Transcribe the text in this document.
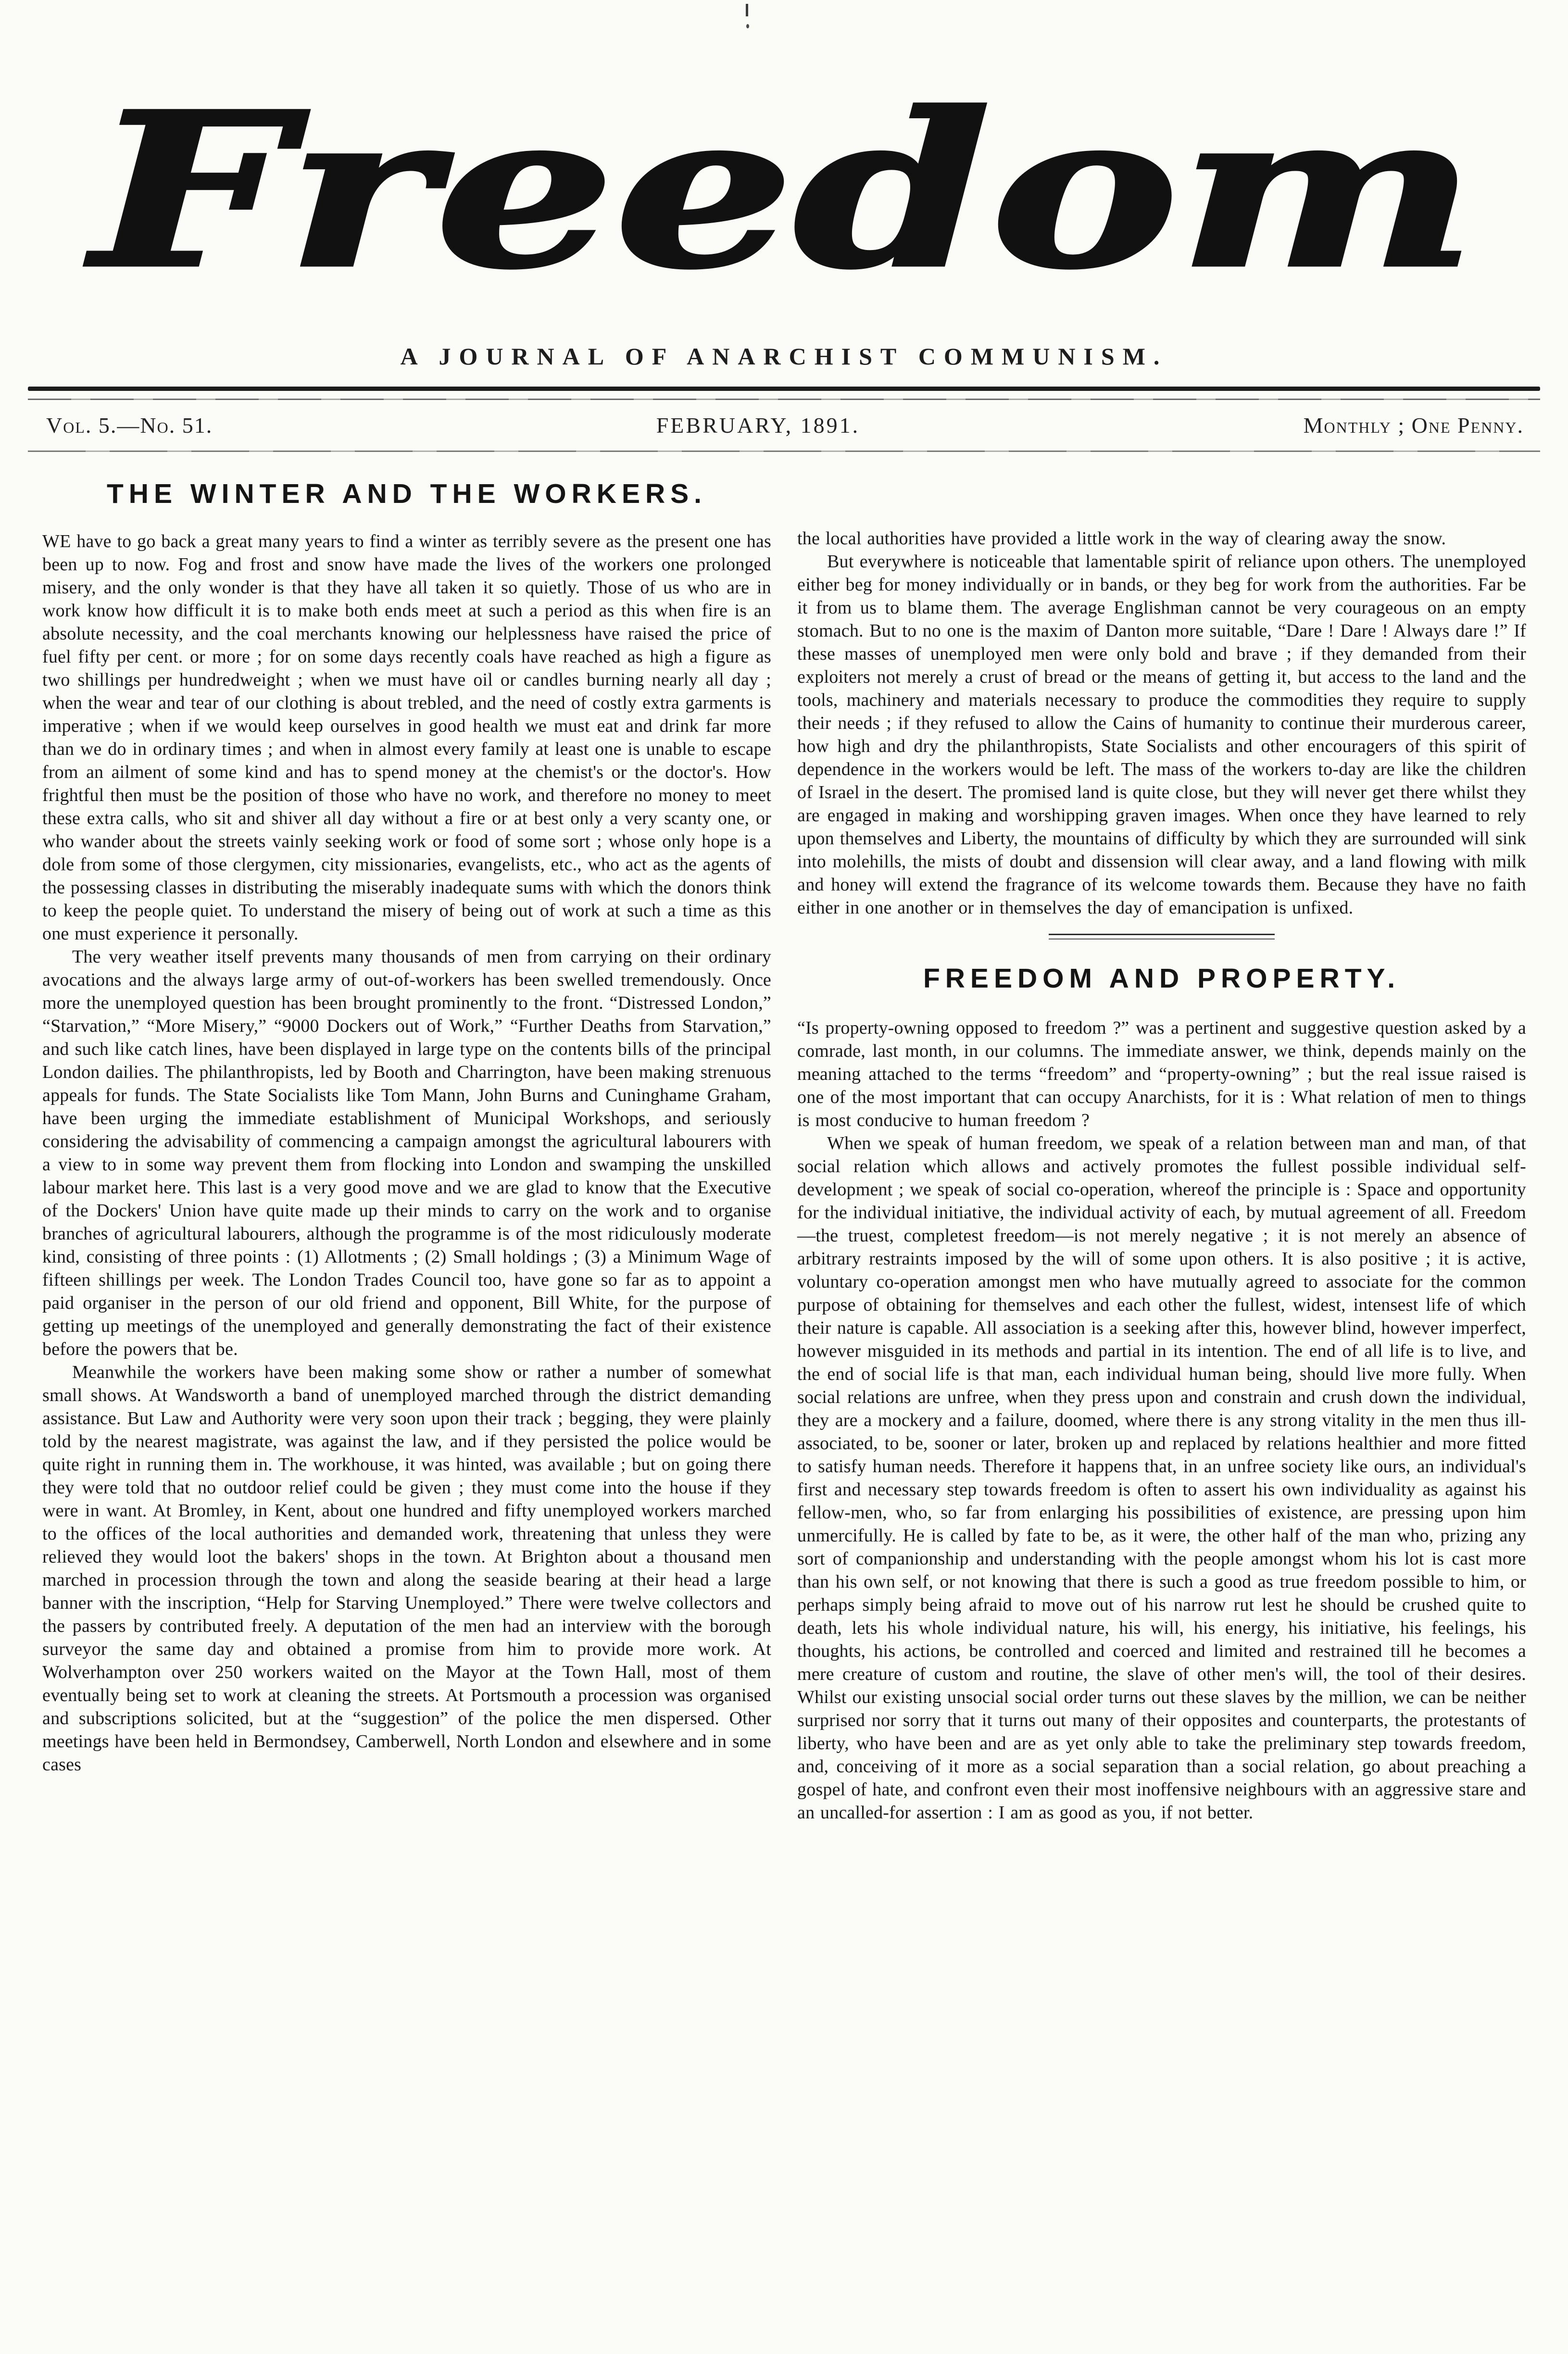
Freedom
A JOURNAL OF ANARCHIST COMMUNISM.
Vol. 5.—No. 51.	FEBRUARY, 1891.	Monthly ; One Penny.
THE WINTER AND THE WORKERS.

WE have to go back a great many years to find a winter as terribly severe as the present one has been up to now. Fog and frost and snow have made the lives of the workers one prolonged misery, and the only wonder is that they have all taken it so quietly. Those of us who are in work know how difficult it is to make both ends meet at such a period as this when fire is an absolute necessity, and the coal merchants knowing our helplessness have raised the price of fuel fifty per cent. or more ; for on some days recently coals have reached as high a figure as two shillings per hundredweight ; when we must have oil or candles burning nearly all day ; when the wear and tear of our clothing is about trebled, and the need of costly extra garments is imperative ; when if we would keep ourselves in good health we must eat and drink far more than we do in ordinary times ; and when in almost every family at least one is unable to escape from an ailment of some kind and has to spend money at the chemist's or the doctor's. How frightful then must be the position of those who have no work, and therefore no money to meet these extra calls, who sit and shiver all day without a fire or at best only a very scanty one, or who wander about the streets vainly seeking work or food of some sort ; whose only hope is a dole from some of those clergymen, city missionaries, evangelists, etc., who act as the agents of the possessing classes in distributing the miserably inadequate sums with which the donors think to keep the people quiet. To understand the misery of being out of work at such a time as this one must experience it personally.

The very weather itself prevents many thousands of men from carrying on their ordinary avocations and the always large army of out-of-workers has been swelled tremendously. Once more the unemployed question has been brought prominently to the front. “Distressed London,” “Starvation,” “More Misery,” “9000 Dockers out of Work,” “Further Deaths from Starvation,” and such like catch lines, have been displayed in large type on the contents bills of the principal London dailies. The philanthropists, led by Booth and Charrington, have been making strenuous appeals for funds. The State Socialists like Tom Mann, John Burns and Cuninghame Graham, have been urging the immediate establishment of Municipal Workshops, and seriously considering the advisability of commencing a campaign amongst the agricultural labourers with a view to in some way prevent them from flocking into London and swamping the unskilled labour market here. This last is a very good move and we are glad to know that the Executive of the Dockers' Union have quite made up their minds to carry on the work and to organise branches of agricultural labourers, although the programme is of the most ridiculously moderate kind, consisting of three points : (1) Allotments ; (2) Small holdings ; (3) a Minimum Wage of fifteen shillings per week. The London Trades Council too, have gone so far as to appoint a paid organiser in the person of our old friend and opponent, Bill White, for the purpose of getting up meetings of the unemployed and generally demonstrating the fact of their existence before the powers that be.

Meanwhile the workers have been making some show or rather a number of somewhat small shows. At Wandsworth a band of unemployed marched through the district demanding assistance. But Law and Authority were very soon upon their track ; begging, they were plainly told by the nearest magistrate, was against the law, and if they persisted the police would be quite right in running them in. The workhouse, it was hinted, was available ; but on going there they were told that no outdoor relief could be given ; they must come into the house if they were in want. At Bromley, in Kent, about one hundred and fifty unemployed workers marched to the offices of the local authorities and demanded work, threatening that unless they were relieved they would loot the bakers' shops in the town. At Brighton about a thousand men marched in procession through the town and along the seaside bearing at their head a large banner with the inscription, “Help for Starving Unemployed.” There were twelve collectors and the passers by contributed freely. A deputation of the men had an interview with the borough surveyor the same day and obtained a promise from him to provide more work. At Wolverhampton over 250 workers waited on the Mayor at the Town Hall, most of them eventually being set to work at cleaning the streets. At Portsmouth a procession was organised and subscriptions solicited, but at the “suggestion” of the police the men dispersed. Other meetings have been held in Bermondsey, Camberwell, North London and elsewhere and in some cases

the local authorities have provided a little work in the way of clearing away the snow.

But everywhere is noticeable that lamentable spirit of reliance upon others. The unemployed either beg for money individually or in bands, or they beg for work from the authorities. Far be it from us to blame them. The average Englishman cannot be very courageous on an empty stomach. But to no one is the maxim of Danton more suitable, “Dare ! Dare ! Always dare !” If these masses of unemployed men were only bold and brave ; if they demanded from their exploiters not merely a crust of bread or the means of getting it, but access to the land and the tools, machinery and materials necessary to produce the commodities they require to supply their needs ; if they refused to allow the Cains of humanity to continue their murderous career, how high and dry the philanthropists, State Socialists and other encouragers of this spirit of dependence in the workers would be left. The mass of the workers to-day are like the children of Israel in the desert. The promised land is quite close, but they will never get there whilst they are engaged in making and worshipping graven images. When once they have learned to rely upon themselves and Liberty, the mountains of difficulty by which they are surrounded will sink into molehills, the mists of doubt and dissension will clear away, and a land flowing with milk and honey will extend the fragrance of its welcome towards them. Because they have no faith either in one another or in themselves the day of emancipation is unfixed.

FREEDOM AND PROPERTY.

“Is property-owning opposed to freedom ?” was a pertinent and suggestive question asked by a comrade, last month, in our columns. The immediate answer, we think, depends mainly on the meaning attached to the terms “freedom” and “property-owning” ; but the real issue raised is one of the most important that can occupy Anarchists, for it is : What relation of men to things is most conducive to human freedom ?

When we speak of human freedom, we speak of a relation between man and man, of that social relation which allows and actively promotes the fullest possible individual self-development ; we speak of social co-operation, whereof the principle is : Space and opportunity for the individual initiative, the individual activity of each, by mutual agreement of all. Freedom—the truest, completest freedom—is not merely negative ; it is not merely an absence of arbitrary restraints imposed by the will of some upon others. It is also positive ; it is active, voluntary co-operation amongst men who have mutually agreed to associate for the common purpose of obtaining for themselves and each other the fullest, widest, intensest life of which their nature is capable. All association is a seeking after this, however blind, however imperfect, however misguided in its methods and partial in its intention. The end of all life is to live, and the end of social life is that man, each individual human being, should live more fully. When social relations are unfree, when they press upon and constrain and crush down the individual, they are a mockery and a failure, doomed, where there is any strong vitality in the men thus ill-associated, to be, sooner or later, broken up and replaced by relations healthier and more fitted to satisfy human needs. Therefore it happens that, in an unfree society like ours, an individual's first and necessary step towards freedom is often to assert his own individuality as against his fellow-men, who, so far from enlarging his possibilities of existence, are pressing upon him unmercifully. He is called by fate to be, as it were, the other half of the man who, prizing any sort of companionship and understanding with the people amongst whom his lot is cast more than his own self, or not knowing that there is such a good as true freedom possible to him, or perhaps simply being afraid to move out of his narrow rut lest he should be crushed quite to death, lets his whole individual nature, his will, his energy, his initiative, his feelings, his thoughts, his actions, be controlled and coerced and limited and restrained till he becomes a mere creature of custom and routine, the slave of other men's will, the tool of their desires. Whilst our existing unsocial social order turns out these slaves by the million, we can be neither surprised nor sorry that it turns out many of their opposites and counterparts, the protestants of liberty, who have been and are as yet only able to take the preliminary step towards freedom, and, conceiving of it more as a social separation than a social relation, go about preaching a gospel of hate, and confront even their most inoffensive neighbours with an aggressive stare and an uncalled-for assertion : I am as good as you, if not better.
